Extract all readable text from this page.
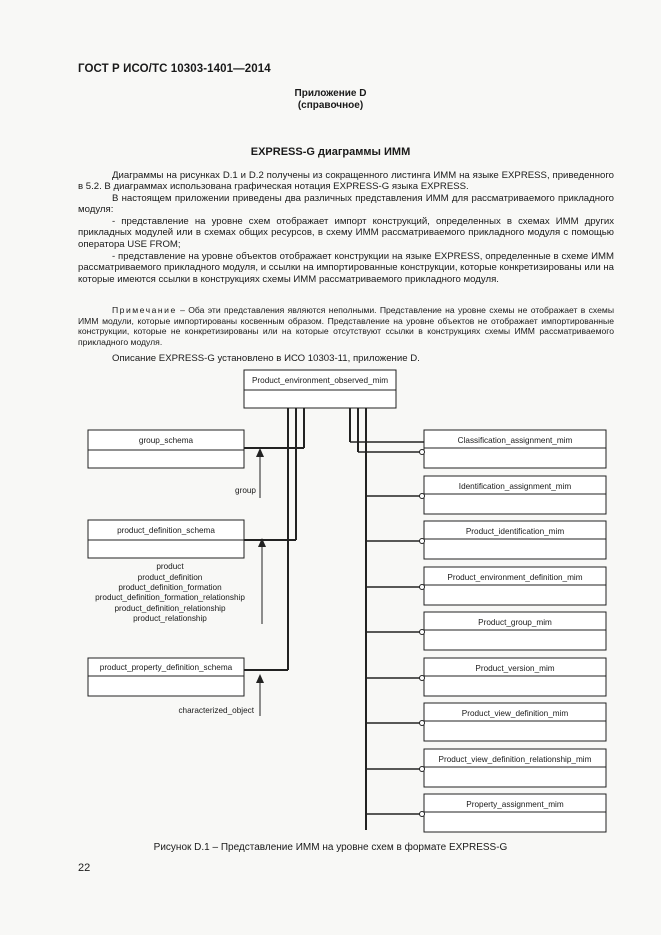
ГОСТ Р ИСО/ТС 10303-1401—2014
Приложение D
(справочное)
EXPRESS-G диаграммы ИММ
Диаграммы на рисунках D.1 и D.2 получены из сокращенного листинга ИММ на языке EXPRESS, приведенного в 5.2. В диаграммах использована графическая нотация EXPRESS-G языка EXPRESS.
В настоящем приложении приведены два различных представления ИММ для рассматриваемого прикладного модуля:
- представление на уровне схем отображает импорт конструкций, определенных в схемах ИММ других прикладных модулей или в схемах общих ресурсов, в схему ИММ рассматриваемого прикладного модуля с помощью оператора USE FROM;
- представление на уровне объектов отображает конструкции на языке EXPRESS, определенные в схеме ИММ рассматриваемого прикладного модуля, и ссылки на импортированные конструкции, которые конкретизированы или на которые имеются ссылки в конструкциях схемы ИММ рассматриваемого прикладного модуля.
Примечание – Оба эти представления являются неполными. Представление на уровне схемы не отображает в схемы ИММ модули, которые импортированы косвенным образом. Представление на уровне объектов не отображает импортированные конструкции, которые не конкретизированы или на которые отсутствуют ссылки в конструкциях схемы ИММ рассматриваемого прикладного модуля.
Описание EXPRESS-G установлено в ИСО 10303-11, приложение D.
Product_environment_observed_mim
group_schema
product_definition_schema
product_property_definition_schema
group
product
product_definition
product_definition_formation
product_definition_formation_relationship
product_definition_relationship
product_relationship
characterized_object
Classification_assignment_mim
Identification_assignment_mim
Product_identification_mim
Product_environment_definition_mim
Product_group_mim
Product_version_mim
Product_view_definition_mim
Product_view_definition_relationship_mim
Property_assignment_mim
Рисунок D.1 – Представление ИММ на уровне схем в формате EXPRESS-G
22
